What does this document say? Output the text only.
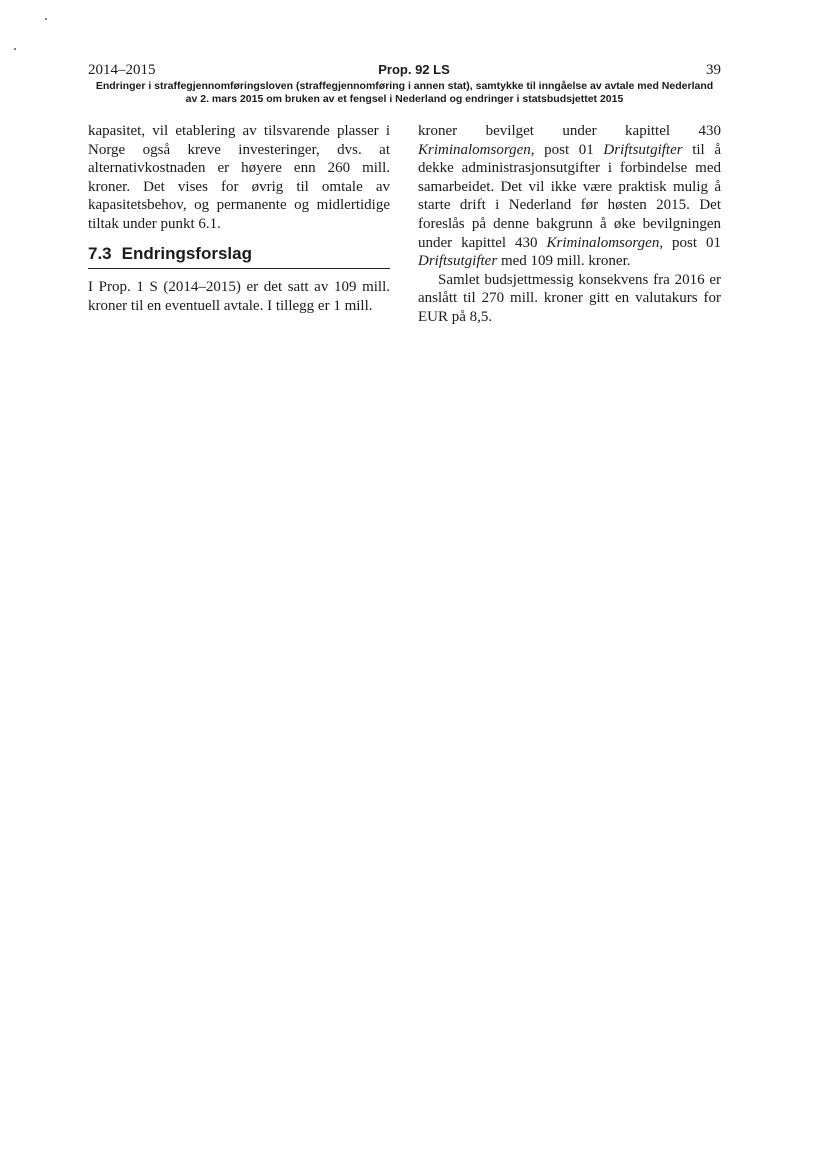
2014–2015	Prop. 92 LS	39
Endringer i straffegjennomføringsloven (straffegjennomføring i annen stat), samtykke til inngåelse av avtale med Nederland
av 2. mars 2015 om bruken av et fengsel i Nederland og endringer i statsbudsjettet 2015

kapasitet, vil etablering av tilsvarende plasser i Norge også kreve investeringer, dvs. at alternativkostnaden er høyere enn 260 mill. kroner. Det vises for øvrig til omtale av kapasitetsbehov, og permanente og midlertidige tiltak under punkt 6.1.

7.3 Endringsforslag

I Prop. 1 S (2014–2015) er det satt av 109 mill. kroner til en eventuell avtale. I tillegg er 1 mill.

kroner bevilget under kapittel 430 Kriminalomsorgen, post 01 Driftsutgifter til å dekke administrasjonsutgifter i forbindelse med samarbeidet. Det vil ikke være praktisk mulig å starte drift i Nederland før høsten 2015. Det foreslås på denne bakgrunn å øke bevilgningen under kapittel 430 Kriminalomsorgen, post 01 Driftsutgifter med 109 mill. kroner.

Samlet budsjettmessig konsekvens fra 2016 er anslått til 270 mill. kroner gitt en valutakurs for EUR på 8,5.
